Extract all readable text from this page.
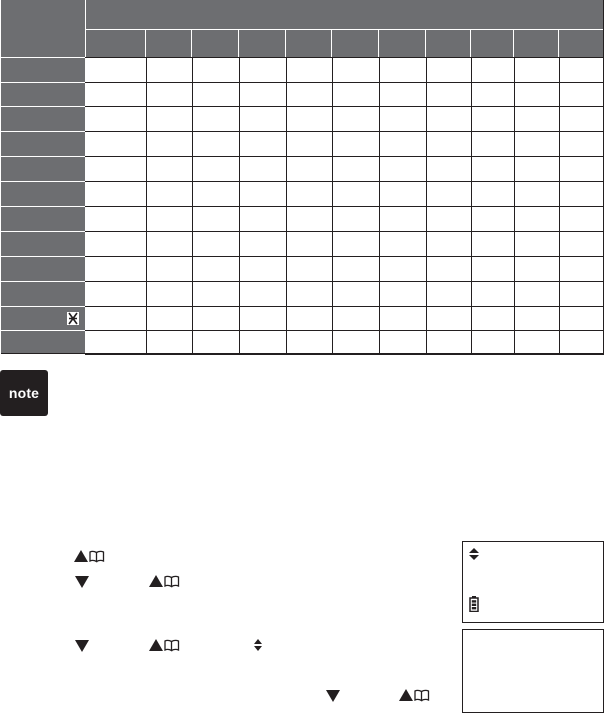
note
